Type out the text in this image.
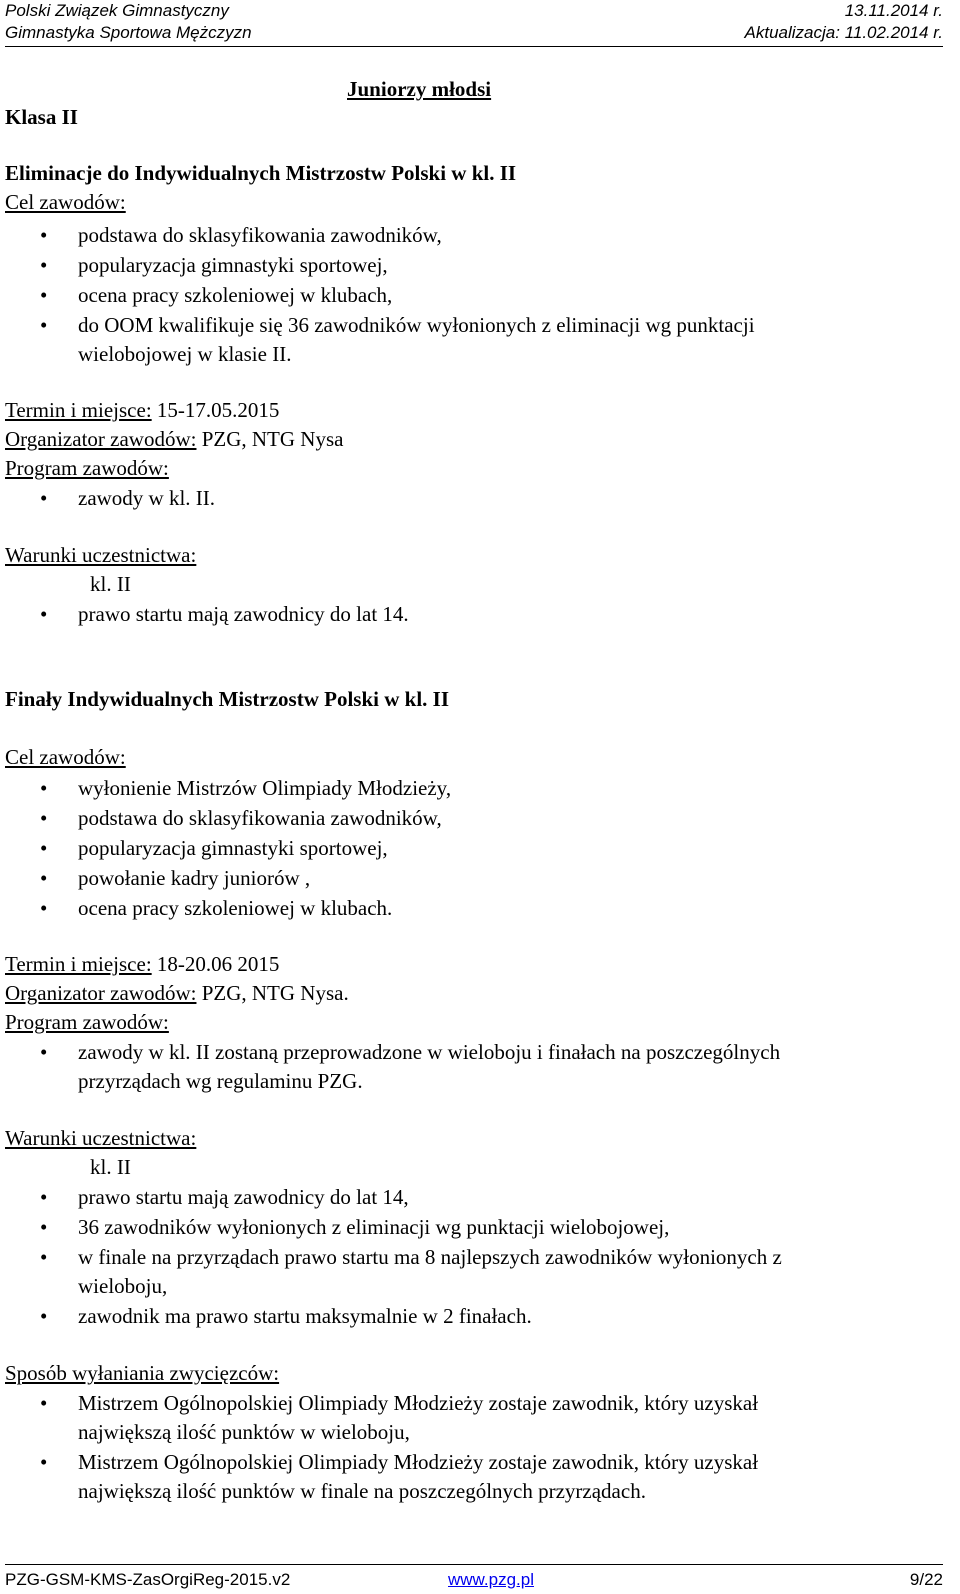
Polski Związek Gimnastyczny	13.11.2014 r.
Gimnastyka Sportowa Mężczyzn	Aktualizacja: 11.02.2014 r.
Juniorzy młodsi
Klasa II
Eliminacje do Indywidualnych Mistrzostw Polski w kl. II
Cel zawodów:
• podstawa do sklasyfikowania zawodników,
• popularyzacja gimnastyki sportowej,
• ocena pracy szkoleniowej w klubach,
• do OOM kwalifikuje się 36 zawodników wyłonionych z eliminacji wg punktacji
wielobojowej w klasie II.
Termin i miejsce: 15-17.05.2015
Organizator zawodów: PZG, NTG Nysa
Program zawodów:
• zawody w kl. II.
Warunki uczestnictwa:
kl. II
• prawo startu mają zawodnicy do lat 14.
Finały Indywidualnych Mistrzostw Polski w kl. II
Cel zawodów:
• wyłonienie Mistrzów Olimpiady Młodzieży,
• podstawa do sklasyfikowania zawodników,
• popularyzacja gimnastyki sportowej,
• powołanie kadry juniorów ,
• ocena pracy szkoleniowej w klubach.
Termin i miejsce: 18-20.06 2015
Organizator zawodów: PZG, NTG Nysa.
Program zawodów:
• zawody w kl. II zostaną przeprowadzone w wieloboju i finałach na poszczególnych
przyrządach wg regulaminu PZG.
Warunki uczestnictwa:
kl. II
• prawo startu mają zawodnicy do lat 14,
• 36 zawodników wyłonionych z eliminacji wg punktacji wielobojowej,
• w finale na przyrządach prawo startu ma 8 najlepszych zawodników wyłonionych z
wieloboju,
• zawodnik ma prawo startu maksymalnie w 2 finałach.
Sposób wyłaniania zwycięzców:
• Mistrzem Ogólnopolskiej Olimpiady Młodzieży zostaje zawodnik, który uzyskał
największą ilość punktów w wieloboju,
• Mistrzem Ogólnopolskiej Olimpiady Młodzieży zostaje zawodnik, który uzyskał
największą ilość punktów w finale na poszczególnych przyrządach.
PZG-GSM-KMS-ZasOrgiReg-2015.v2	www.pzg.pl	9/22
